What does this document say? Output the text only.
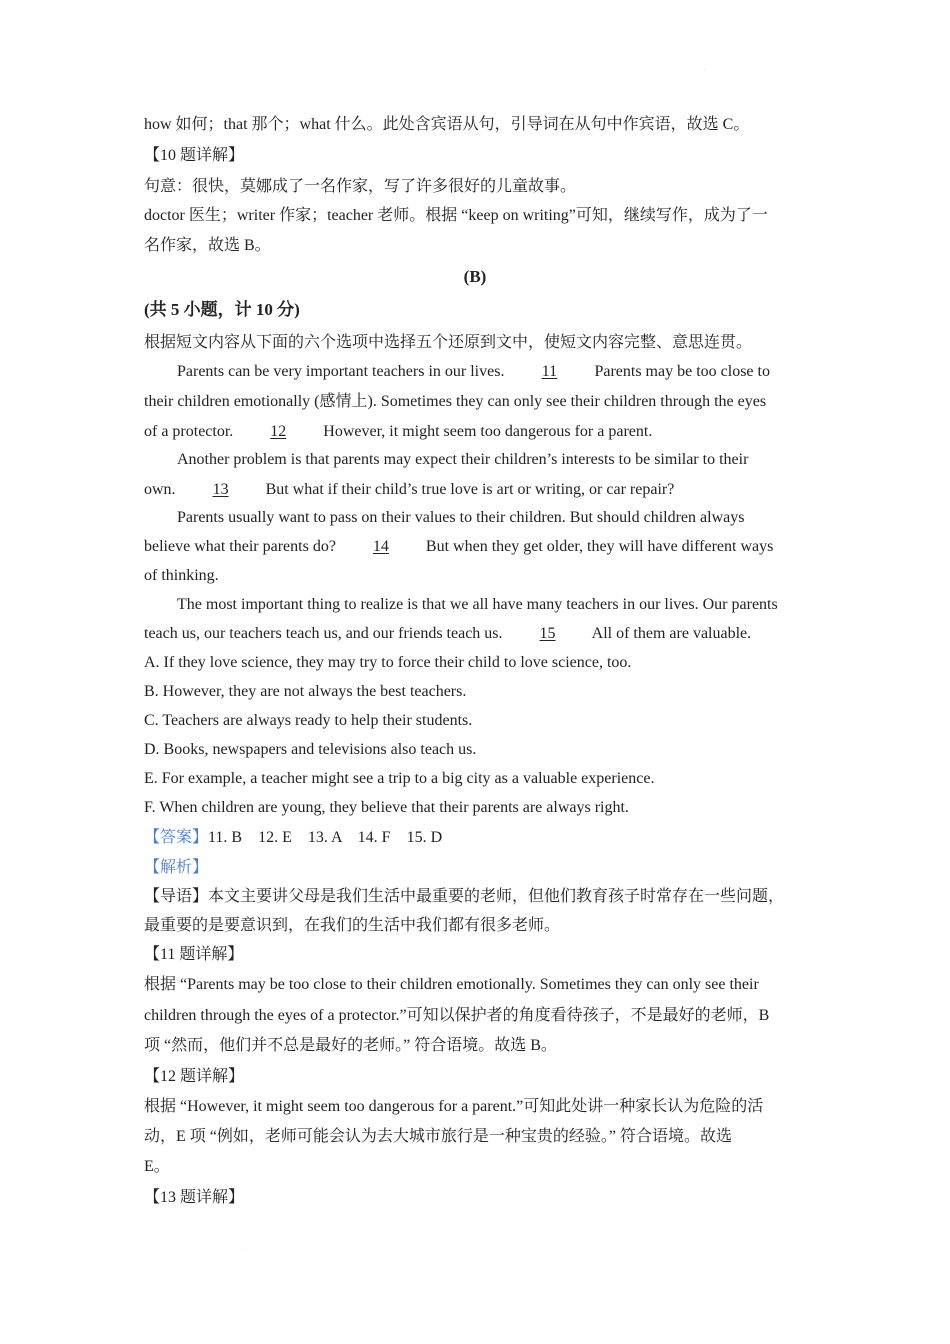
how 如何；that 那个；what 什么。此处含宾语从句，引导词在从句中作宾语，故选 C。
【10 题详解】
句意：很快，莫娜成了一名作家，写了许多很好的儿童故事。
doctor 医生；writer 作家；teacher 老师。根据 “keep on writing”可知，继续写作，成为了一
名作家，故选 B。
(B)
(共 5 小题，计 10 分)
根据短文内容从下面的六个选项中选择五个还原到文中，使短文内容完整、意思连贯。
Parents can be very important teachers in our lives. 11 Parents may be too close to
their children emotionally (感情上). Sometimes they can only see their children through the eyes
of a protector. 12 However, it might seem too dangerous for a parent.
Another problem is that parents may expect their children’s interests to be similar to their
own. 13 But what if their child’s true love is art or writing, or car repair?
Parents usually want to pass on their values to their children. But should children always
believe what their parents do? 14 But when they get older, they will have different ways
of thinking.
The most important thing to realize is that we all have many teachers in our lives. Our parents
teach us, our teachers teach us, and our friends teach us. 15 All of them are valuable.
A. If they love science, they may try to force their child to love science, too.
B. However, they are not always the best teachers.
C. Teachers are always ready to help their students.
D. Books, newspapers and televisions also teach us.
E. For example, a teacher might see a trip to a big city as a valuable experience.
F. When children are young, they believe that their parents are always right.
【答案】11. B 12. E 13. A 14. F 15. D
【解析】
【导语】本文主要讲父母是我们生活中最重要的老师，但他们教育孩子时常存在一些问题，
最重要的是要意识到，在我们的生活中我们都有很多老师。
【11 题详解】
根据 “Parents may be too close to their children emotionally. Sometimes they can only see their
children through the eyes of a protector.”可知以保护者的角度看待孩子，不是最好的老师，B
项 “然而，他们并不总是最好的老师。” 符合语境。故选 B。
【12 题详解】
根据 “However, it might seem too dangerous for a parent.”可知此处讲一种家长认为危险的活
动，E 项 “例如，老师可能会认为去大城市旅行是一种宝贵的经验。” 符合语境。故选
E。
【13 题详解】
.
.
